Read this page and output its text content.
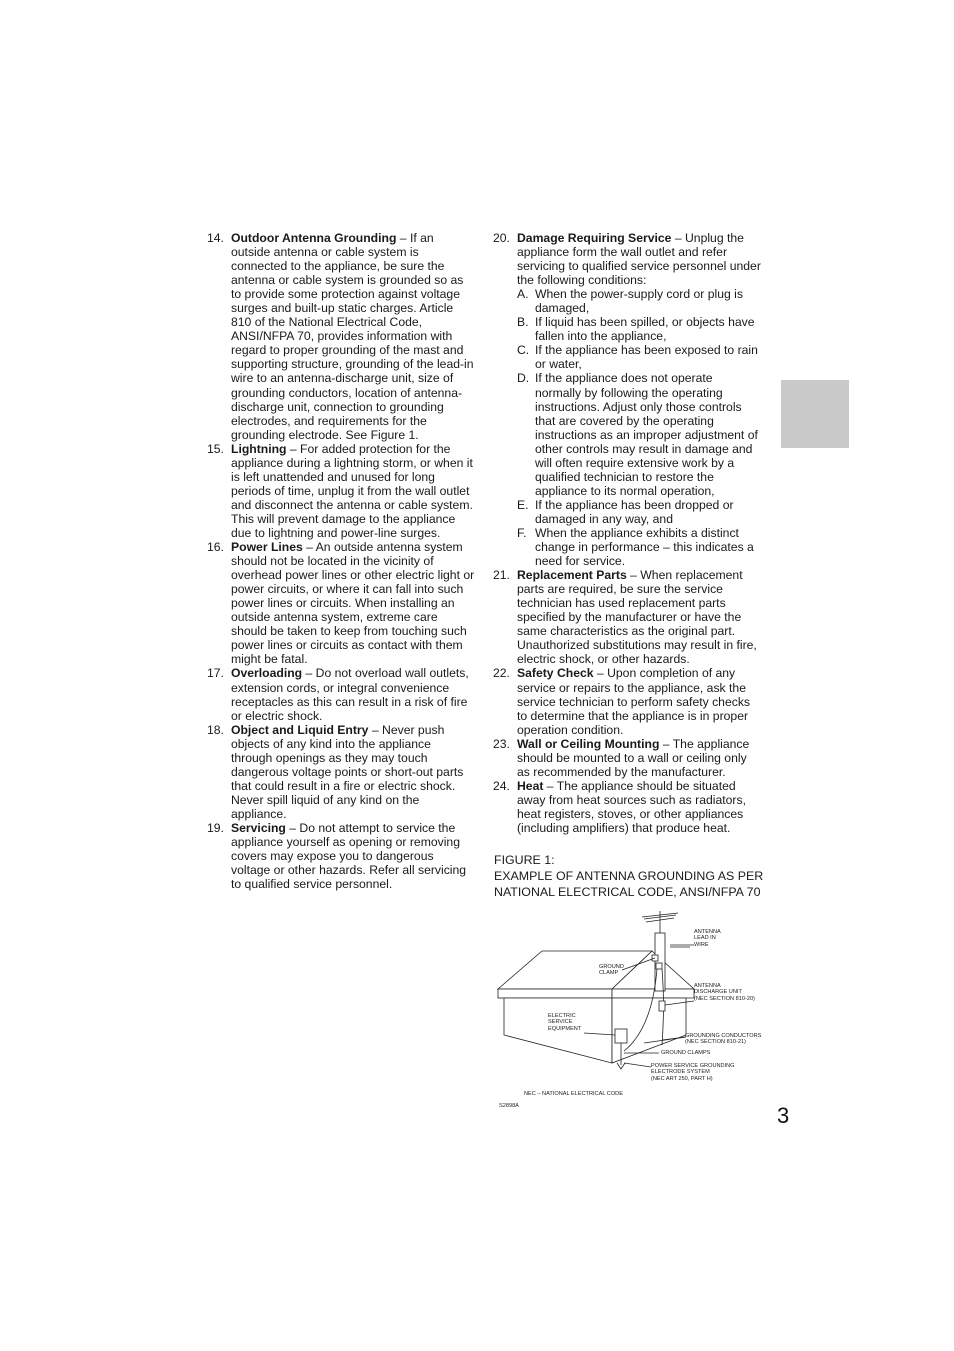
14. Outdoor Antenna Grounding – If an outside antenna or cable system is connected to the appliance, be sure the antenna or cable system is grounded so as to provide some protection against voltage surges and built-up static charges. Article 810 of the National Electrical Code, ANSI/NFPA 70, provides information with regard to proper grounding of the mast and supporting structure, grounding of the lead-in wire to an antenna-discharge unit, size of grounding conductors, location of antenna-discharge unit, connection to grounding electrodes, and requirements for the grounding electrode. See Figure 1.
15. Lightning – For added protection for the appliance during a lightning storm, or when it is left unattended and unused for long periods of time, unplug it from the wall outlet and disconnect the antenna or cable system. This will prevent damage to the appliance due to lightning and power-line surges.
16. Power Lines – An outside antenna system should not be located in the vicinity of overhead power lines or other electric light or power circuits, or where it can fall into such power lines or circuits. When installing an outside antenna system, extreme care should be taken to keep from touching such power lines or circuits as contact with them might be fatal.
17. Overloading – Do not overload wall outlets, extension cords, or integral convenience receptacles as this can result in a risk of fire or electric shock.
18. Object and Liquid Entry – Never push objects of any kind into the appliance through openings as they may touch dangerous voltage points or short-out parts that could result in a fire or electric shock. Never spill liquid of any kind on the appliance.
19. Servicing – Do not attempt to service the appliance yourself as opening or removing covers may expose you to dangerous voltage or other hazards. Refer all servicing to qualified service personnel.
20. Damage Requiring Service – Unplug the appliance form the wall outlet and refer servicing to qualified service personnel under the following conditions:
A. When the power-supply cord or plug is damaged,
B. If liquid has been spilled, or objects have fallen into the appliance,
C. If the appliance has been exposed to rain or water,
D. If the appliance does not operate normally by following the operating instructions. Adjust only those controls that are covered by the operating instructions as an improper adjustment of other controls may result in damage and will often require extensive work by a qualified technician to restore the appliance to its normal operation,
E. If the appliance has been dropped or damaged in any way, and
F. When the appliance exhibits a distinct change in performance – this indicates a need for service.
21. Replacement Parts – When replacement parts are required, be sure the service technician has used replacement parts specified by the manufacturer or have the same characteristics as the original part. Unauthorized substitutions may result in fire, electric shock, or other hazards.
22. Safety Check – Upon completion of any service or repairs to the appliance, ask the service technician to perform safety checks to determine that the appliance is in proper operation condition.
23. Wall or Ceiling Mounting – The appliance should be mounted to a wall or ceiling only as recommended by the manufacturer.
24. Heat – The appliance should be situated away from heat sources such as radiators, heat registers, stoves, or other appliances (including amplifiers) that produce heat.
FIGURE 1:
EXAMPLE OF ANTENNA GROUNDING AS PER NATIONAL ELECTRICAL CODE, ANSI/NFPA 70
ANTENNA
LEAD IN
WIRE
GROUND
CLAMP
ANTENNA
DISCHARGE UNIT
(NEC SECTION 810-20)
ELECTRIC
SERVICE
EQUIPMENT
GROUNDING CONDUCTORS
(NEC SECTION 810-21)
GROUND CLAMPS
POWER SERVICE GROUNDING
ELECTRODE SYSTEM
(NEC ART 250, PART H)
NEC – NATIONAL ELECTRICAL CODE
S2898A	3
